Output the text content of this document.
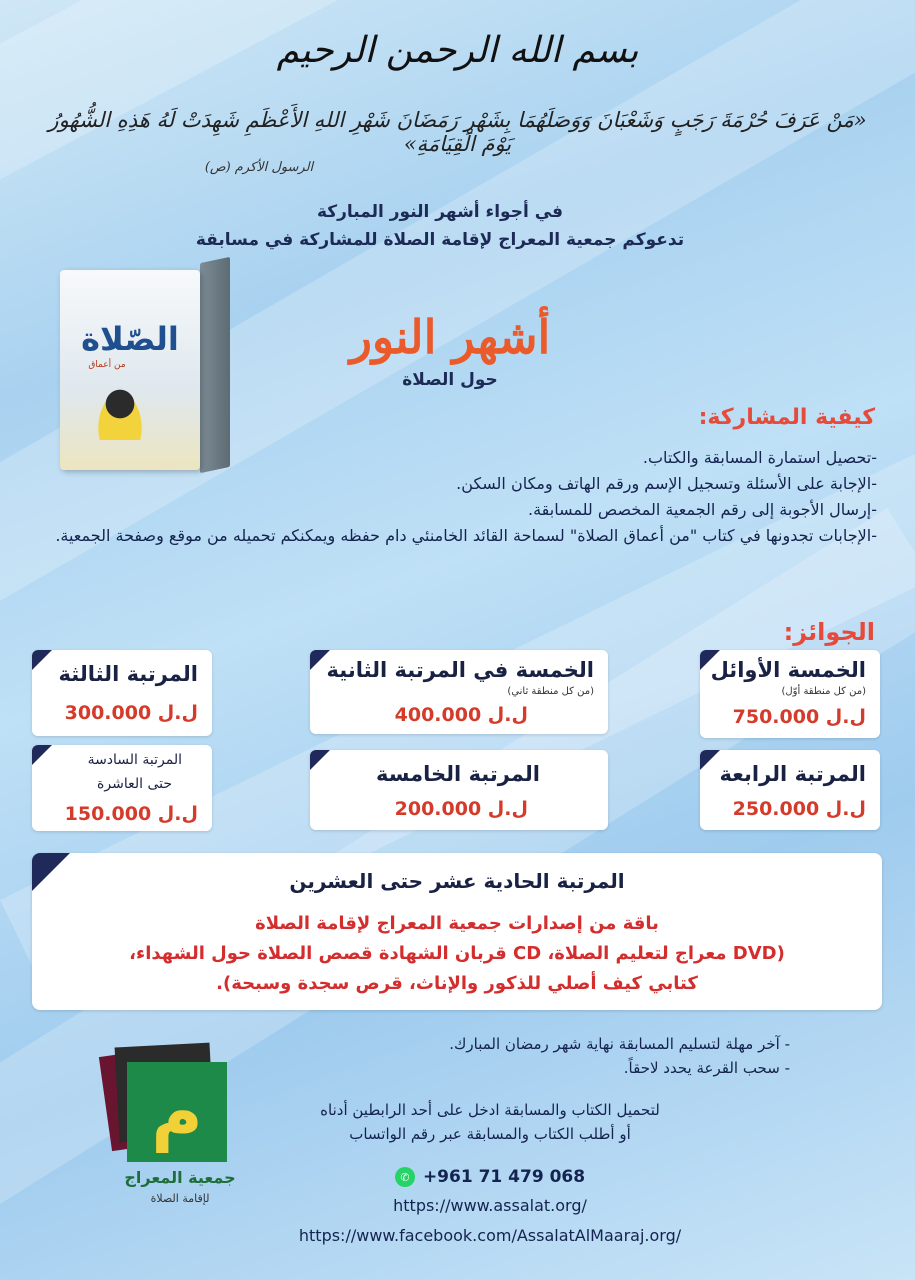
بسم الله الرحمن الرحيم
«مَنْ عَرَفَ حُرْمَةَ رَجَبٍ وَشَعْبَانَ وَوَصَلَهُمَا بِشَهْرِ رَمَضَانَ شَهْرِ اللهِ الأَعْظَمِ شَهِدَتْ لَهُ هَذِهِ الشُّهُورُ يَوْمَ الْقِيَامَةِ»
الرسول الأكرم (ص)
في أجواء أشهر النور المباركة
تدعوكم جمعية المعراج لإقامة الصلاة للمشاركة في مسابقة
الصّلاة
من أعماق
أشهر النور
حول الصلاة
كيفية المشاركة:
-تحصيل استمارة المسابقة والكتاب.
-الإجابة على الأسئلة وتسجيل الإسم ورقم الهاتف ومكان السكن.
-إرسال الأجوبة إلى رقم الجمعية المخصص للمسابقة.
-الإجابات تجدونها في كتاب "من أعماق الصلاة" لسماحة القائد الخامنئي دام حفظه ويمكنكم تحميله من موقع وصفحة الجمعية.
الجوائز:
الخمسة الأوائل
(من كل منطقة أوّل)
750.000 ل.ل
الخمسة في المرتبة الثانية
(من كل منطقة ثاني)
400.000 ل.ل
المرتبة الثالثة
300.000 ل.ل
المرتبة الرابعة
250.000 ل.ل
المرتبة الخامسة
200.000 ل.ل
المرتبة السادسة
حتى العاشرة
150.000 ل.ل
المرتبة الحادية عشر حتى العشرين
باقة من إصدارات جمعية المعراج لإقامة الصلاة
(DVD معراج لتعليم الصلاة، CD قربان الشهادة قصص الصلاة حول الشهداء،
كتابي كيف أصلي للذكور والإناث، قرص سجدة وسبحة).
- آخر مهلة لتسليم المسابقة نهاية شهر رمضان المبارك.
- سحب القرعة يحدد لاحقاً.
لتحميل الكتاب والمسابقة ادخل على أحد الرابطين أدناه
أو أطلب الكتاب والمسابقة عبر رقم الواتساب
✆ +961 71 479 068
https://www.assalat.org/
https://www.facebook.com/AssalatAlMaaraj.org/
م
جمعية المعراج
لإقامة الصلاة
